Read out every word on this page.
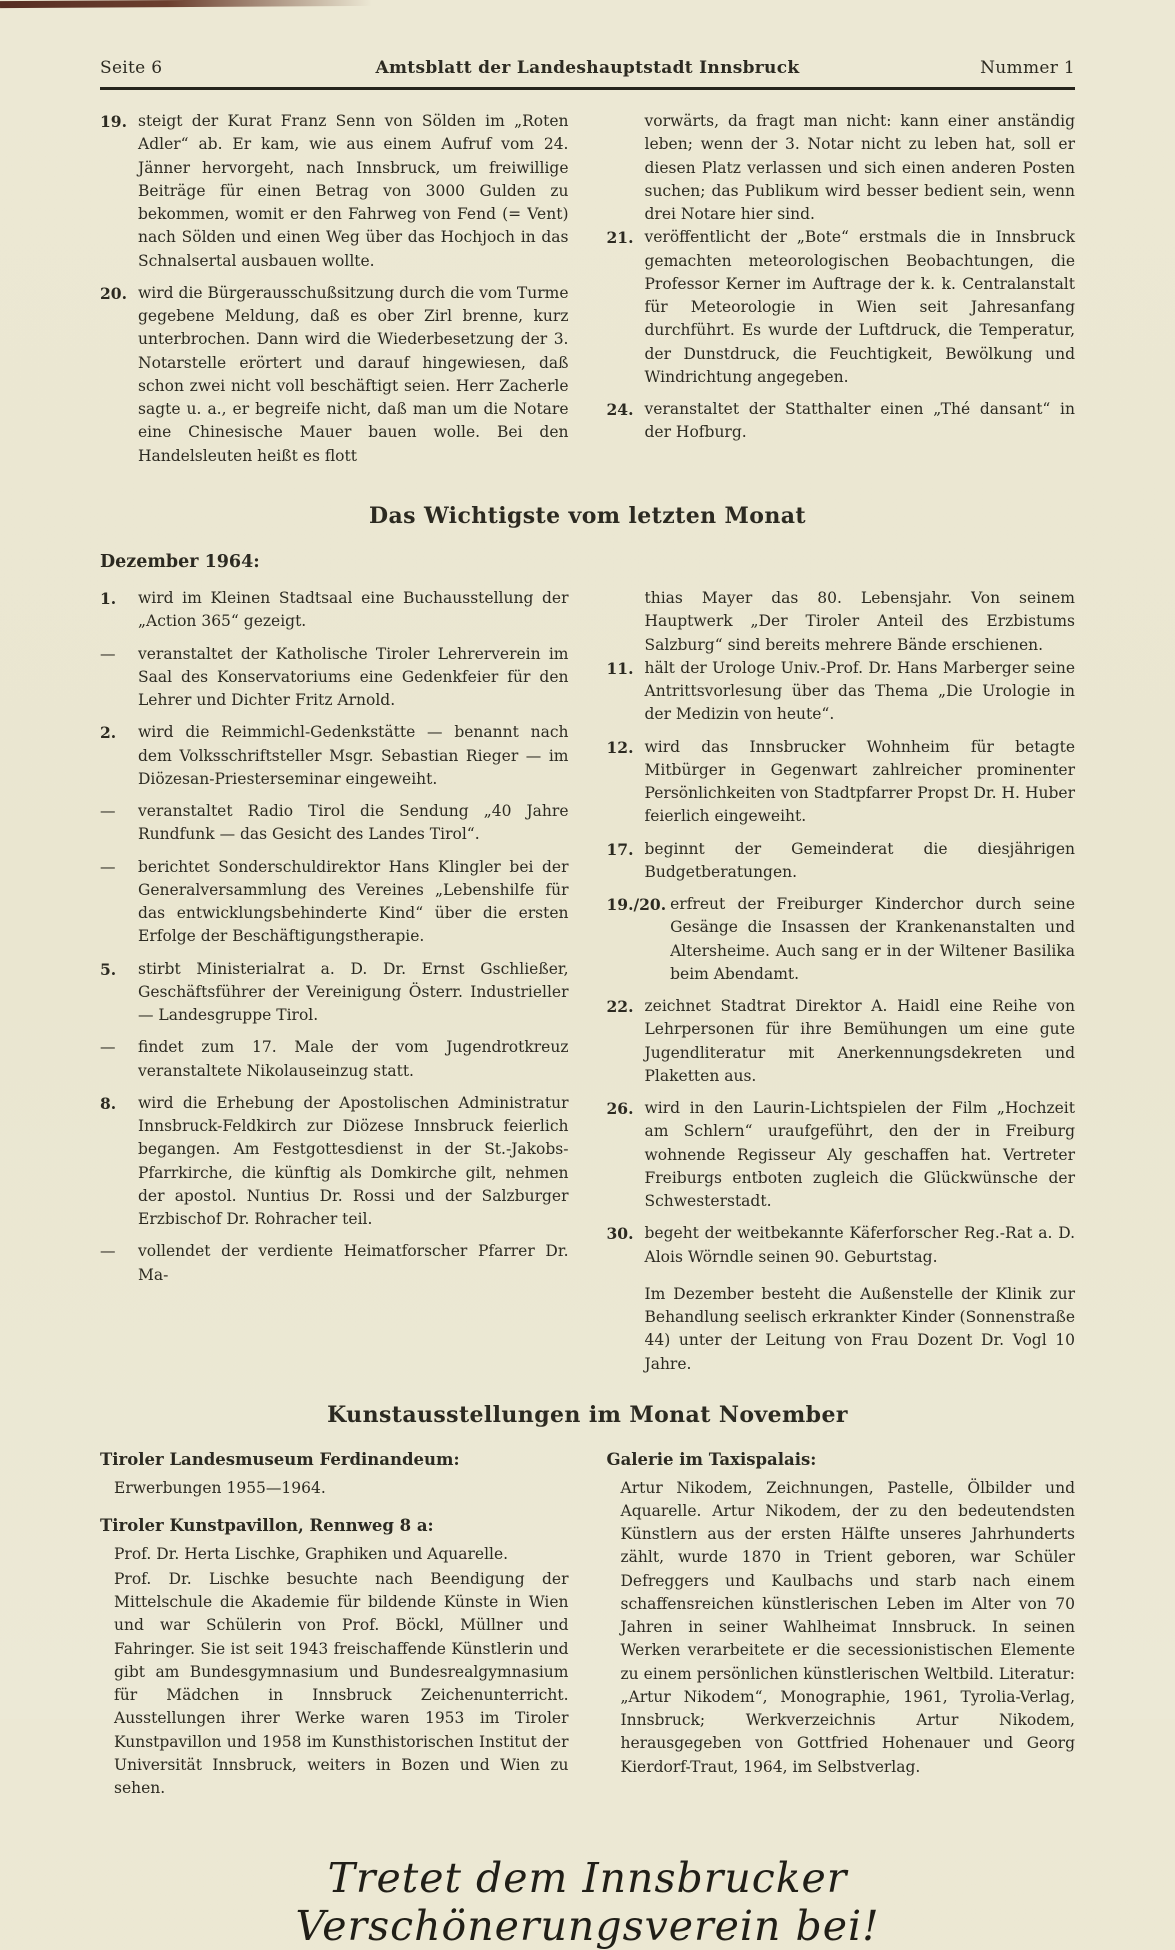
Seite 6	Amtsblatt der Landeshauptstadt Innsbruck	Nummer 1
19. steigt der Kurat Franz Senn von Sölden im „Roten Adler“ ab. Er kam, wie aus einem Aufruf vom 24. Jänner hervorgeht, nach Innsbruck, um freiwillige Beiträge für einen Betrag von 3000 Gulden zu bekommen, womit er den Fahrweg von Fend (= Vent) nach Sölden und einen Weg über das Hochjoch in das Schnalsertal ausbauen wollte.
20. wird die Bürgerausschußsitzung durch die vom Turme gegebene Meldung, daß es ober Zirl brenne, kurz unterbrochen. Dann wird die Wiederbesetzung der 3. Notarstelle erörtert und darauf hingewiesen, daß schon zwei nicht voll beschäftigt seien. Herr Zacherle sagte u. a., er begreife nicht, daß man um die Notare eine Chinesische Mauer bauen wolle. Bei den Handelsleuten heißt es flott

vorwärts, da fragt man nicht: kann einer anständig leben; wenn der 3. Notar nicht zu leben hat, soll er diesen Platz verlassen und sich einen anderen Posten suchen; das Publikum wird besser bedient sein, wenn drei Notare hier sind.

21. veröffentlicht der „Bote“ erstmals die in Innsbruck gemachten meteorologischen Beobachtungen, die Professor Kerner im Auftrage der k. k. Centralanstalt für Meteorologie in Wien seit Jahresanfang durchführt. Es wurde der Luftdruck, die Temperatur, der Dunstdruck, die Feuchtigkeit, Bewölkung und Windrichtung angegeben.
24. veranstaltet der Statthalter einen „Thé dansant“ in der Hofburg.
Das Wichtigste vom letzten Monat
Dezember 1964:
1.	wird im Kleinen Stadtsaal eine Buchausstellung der „Action 365“ gezeigt.
—	veranstaltet der Katholische Tiroler Lehrerverein im Saal des Konservatoriums eine Gedenkfeier für den Lehrer und Dichter Fritz Arnold.
2.	wird die Reimmichl-Gedenkstätte — benannt nach dem Volksschriftsteller Msgr. Sebastian Rieger — im Diözesan-Priesterseminar eingeweiht.
—	veranstaltet Radio Tirol die Sendung „40 Jahre Rundfunk — das Gesicht des Landes Tirol“.
—	berichtet Sonderschuldirektor Hans Klingler bei der Generalversammlung des Vereines „Lebenshilfe für das entwicklungsbehinderte Kind“ über die ersten Erfolge der Beschäftigungstherapie.
5.	stirbt Ministerialrat a. D. Dr. Ernst Gschließer, Geschäftsführer der Vereinigung Österr. Industrieller — Landesgruppe Tirol.
—	findet zum 17. Male der vom Jugendrotkreuz veranstaltete Nikolauseinzug statt.
8.	wird die Erhebung der Apostolischen Administratur Innsbruck-Feldkirch zur Diözese Innsbruck feierlich begangen. Am Festgottesdienst in der St.-Jakobs-Pfarrkirche, die künftig als Domkirche gilt, nehmen der apostol. Nuntius Dr. Rossi und der Salzburger Erzbischof Dr. Rohracher teil.
—	vollendet der verdiente Heimatforscher Pfarrer Dr. Ma-

thias Mayer das 80. Lebensjahr. Von seinem Hauptwerk „Der Tiroler Anteil des Erzbistums Salzburg“ sind bereits mehrere Bände erschienen.

11. hält der Urologe Univ.-Prof. Dr. Hans Marberger seine Antrittsvorlesung über das Thema „Die Urologie in der Medizin von heute“.
12. wird das Innsbrucker Wohnheim für betagte Mitbürger in Gegenwart zahlreicher prominenter Persönlichkeiten von Stadtpfarrer Propst Dr. H. Huber feierlich eingeweiht.
17. beginnt der Gemeinderat die diesjährigen Budgetberatungen.
19./20. erfreut der Freiburger Kinderchor durch seine Gesänge die Insassen der Krankenanstalten und Altersheime. Auch sang er in der Wiltener Basilika beim Abendamt.
22. zeichnet Stadtrat Direktor A. Haidl eine Reihe von Lehrpersonen für ihre Bemühungen um eine gute Jugendliteratur mit Anerkennungsdekreten und Plaketten aus.
26. wird in den Laurin-Lichtspielen der Film „Hochzeit am Schlern“ uraufgeführt, den der in Freiburg wohnende Regisseur Aly geschaffen hat. Vertreter Freiburgs entboten zugleich die Glückwünsche der Schwesterstadt.
30. begeht der weitbekannte Käferforscher Reg.-Rat a. D. Alois Wörndle seinen 90. Geburtstag.

Im Dezember besteht die Außenstelle der Klinik zur Behandlung seelisch erkrankter Kinder (Sonnenstraße 44) unter der Leitung von Frau Dozent Dr. Vogl 10 Jahre.

Kunstausstellungen im Monat November
Tiroler Landesmuseum Ferdinandeum:

Erwerbungen 1955—1964.

Tiroler Kunstpavillon, Rennweg 8 a:

Prof. Dr. Herta Lischke, Graphiken und Aquarelle.

Prof. Dr. Lischke besuchte nach Beendigung der Mittelschule die Akademie für bildende Künste in Wien und war Schülerin von Prof. Böckl, Müllner und Fahringer. Sie ist seit 1943 freischaffende Künstlerin und gibt am Bundesgymnasium und Bundesrealgymnasium für Mädchen in Innsbruck Zeichenunterricht. Ausstellungen ihrer Werke waren 1953 im Tiroler Kunstpavillon und 1958 im Kunsthistorischen Institut der Universität Innsbruck, weiters in Bozen und Wien zu sehen.

Galerie im Taxispalais:

Artur Nikodem, Zeichnungen, Pastelle, Ölbilder und Aquarelle. Artur Nikodem, der zu den bedeutendsten Künstlern aus der ersten Hälfte unseres Jahrhunderts zählt, wurde 1870 in Trient geboren, war Schüler Defreggers und Kaulbachs und starb nach einem schaffensreichen künstlerischen Leben im Alter von 70 Jahren in seiner Wahlheimat Innsbruck. In seinen Werken verarbeitete er die secessionistischen Elemente zu einem persönlichen künstlerischen Weltbild. Literatur: „Artur Nikodem“, Monographie, 1961, Tyrolia-Verlag, Innsbruck; Werkverzeichnis Artur Nikodem, herausgegeben von Gottfried Hohenauer und Georg Kierdorf-Traut, 1964, im Selbstverlag.

Tretet dem Innsbrucker Verschönerungsverein bei!
